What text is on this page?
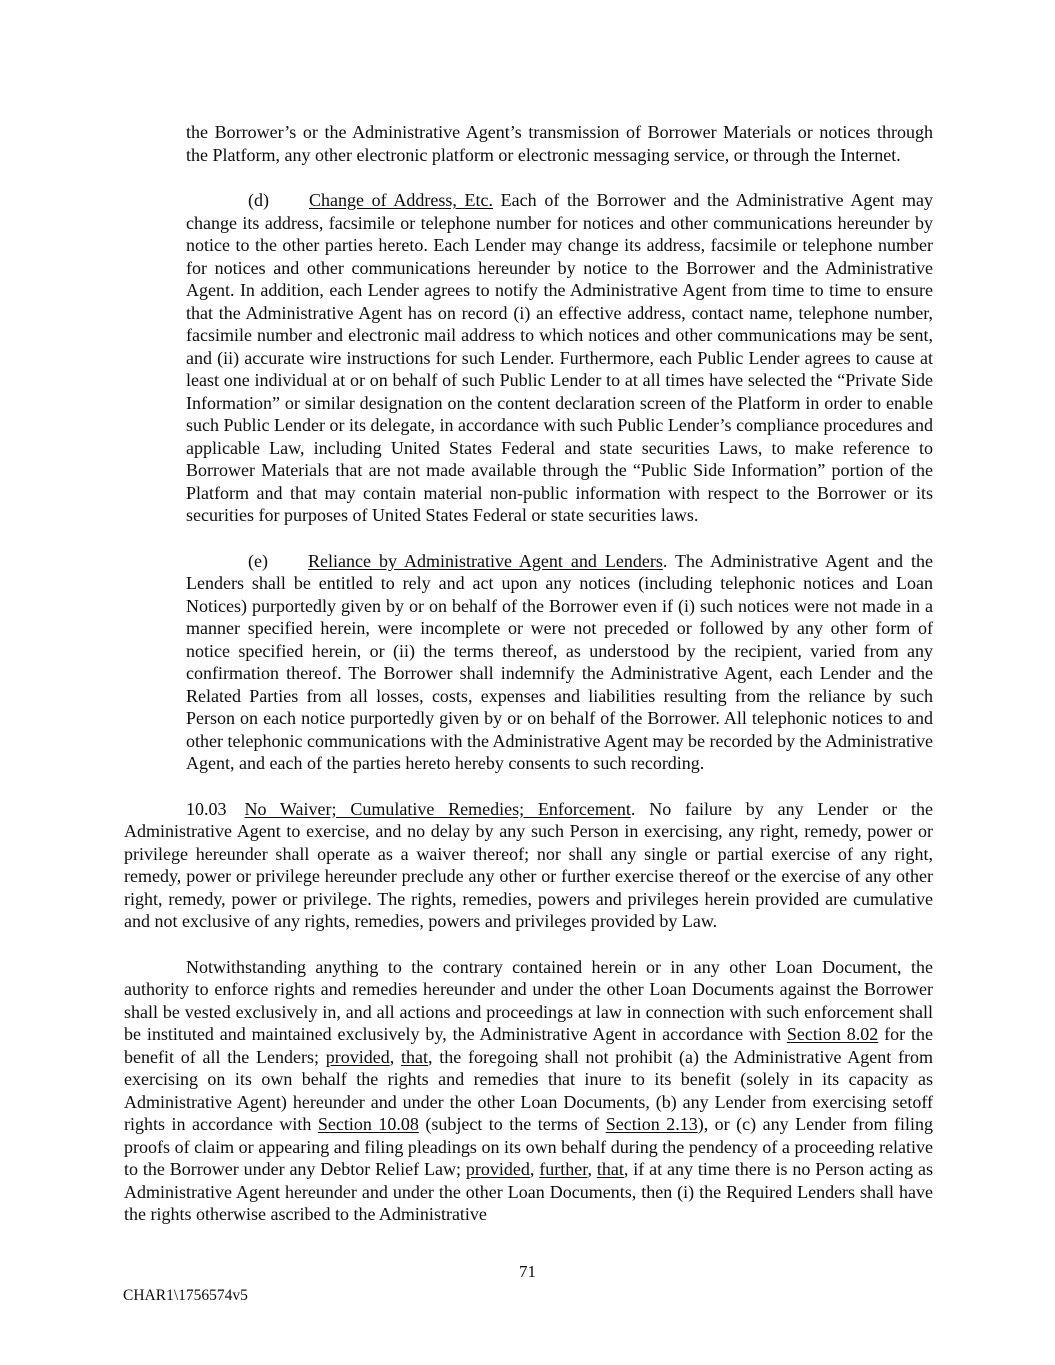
the Borrower’s or the Administrative Agent’s transmission of Borrower Materials or notices through the Platform, any other electronic platform or electronic messaging service, or through the Internet.

(d) Change of Address, Etc. Each of the Borrower and the Administrative Agent may change its address, facsimile or telephone number for notices and other communications hereunder by notice to the other parties hereto. Each Lender may change its address, facsimile or telephone number for notices and other communications hereunder by notice to the Borrower and the Administrative Agent. In addition, each Lender agrees to notify the Administrative Agent from time to time to ensure that the Administrative Agent has on record (i) an effective address, contact name, telephone number, facsimile number and electronic mail address to which notices and other communications may be sent, and (ii) accurate wire instructions for such Lender. Furthermore, each Public Lender agrees to cause at least one individual at or on behalf of such Public Lender to at all times have selected the “Private Side Information” or similar designation on the content declaration screen of the Platform in order to enable such Public Lender or its delegate, in accordance with such Public Lender’s compliance procedures and applicable Law, including United States Federal and state securities Laws, to make reference to Borrower Materials that are not made available through the “Public Side Information” portion of the Platform and that may contain material non-public information with respect to the Borrower or its securities for purposes of United States Federal or state securities laws.

(e) Reliance by Administrative Agent and Lenders. The Administrative Agent and the Lenders shall be entitled to rely and act upon any notices (including telephonic notices and Loan Notices) purportedly given by or on behalf of the Borrower even if (i) such notices were not made in a manner specified herein, were incomplete or were not preceded or followed by any other form of notice specified herein, or (ii) the terms thereof, as understood by the recipient, varied from any confirmation thereof. The Borrower shall indemnify the Administrative Agent, each Lender and the Related Parties from all losses, costs, expenses and liabilities resulting from the reliance by such Person on each notice purportedly given by or on behalf of the Borrower. All telephonic notices to and other telephonic communications with the Administrative Agent may be recorded by the Administrative Agent, and each of the parties hereto hereby consents to such recording.

10.03 No Waiver; Cumulative Remedies; Enforcement. No failure by any Lender or the Administrative Agent to exercise, and no delay by any such Person in exercising, any right, remedy, power or privilege hereunder shall operate as a waiver thereof; nor shall any single or partial exercise of any right, remedy, power or privilege hereunder preclude any other or further exercise thereof or the exercise of any other right, remedy, power or privilege. The rights, remedies, powers and privileges herein provided are cumulative and not exclusive of any rights, remedies, powers and privileges provided by Law.

Notwithstanding anything to the contrary contained herein or in any other Loan Document, the authority to enforce rights and remedies hereunder and under the other Loan Documents against the Borrower shall be vested exclusively in, and all actions and proceedings at law in connection with such enforcement shall be instituted and maintained exclusively by, the Administrative Agent in accordance with Section 8.02 for the benefit of all the Lenders; provided, that, the foregoing shall not prohibit (a) the Administrative Agent from exercising on its own behalf the rights and remedies that inure to its benefit (solely in its capacity as Administrative Agent) hereunder and under the other Loan Documents, (b) any Lender from exercising setoff rights in accordance with Section 10.08 (subject to the terms of Section 2.13), or (c) any Lender from filing proofs of claim or appearing and filing pleadings on its own behalf during the pendency of a proceeding relative to the Borrower under any Debtor Relief Law; provided, further, that, if at any time there is no Person acting as Administrative Agent hereunder and under the other Loan Documents, then (i) the Required Lenders shall have the rights otherwise ascribed to the Administrative

71
CHAR1\1756574v5
